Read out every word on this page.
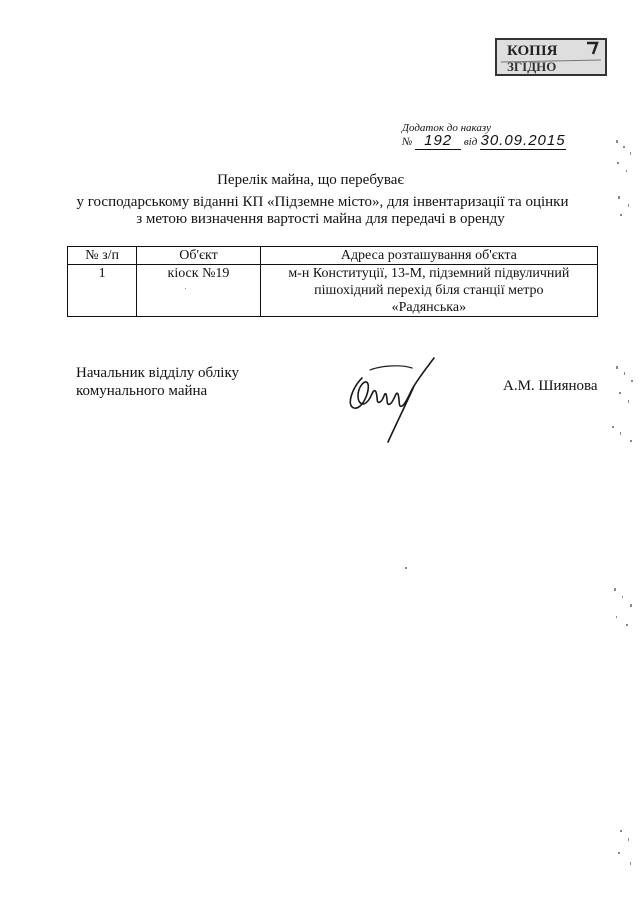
КОПІЯ
ЗГІДНО
Додаток до наказу
№ 192 від 30.09.2015
Перелік майна, що перебуває
у господарському віданні КП «Підземне місто», для інвентаризації та оцінки
з метою визначення вартості майна для передачі в оренду
№ з/п	Об'єкт	Адреса розташування об'єкта
1	кіоск №19	м-н Конституції, 13-М, підземний підвуличний
пішохідний перехід біля станції метро
«Радянська»
Начальник відділу обліку
комунального майна	А.М. Шиянова
